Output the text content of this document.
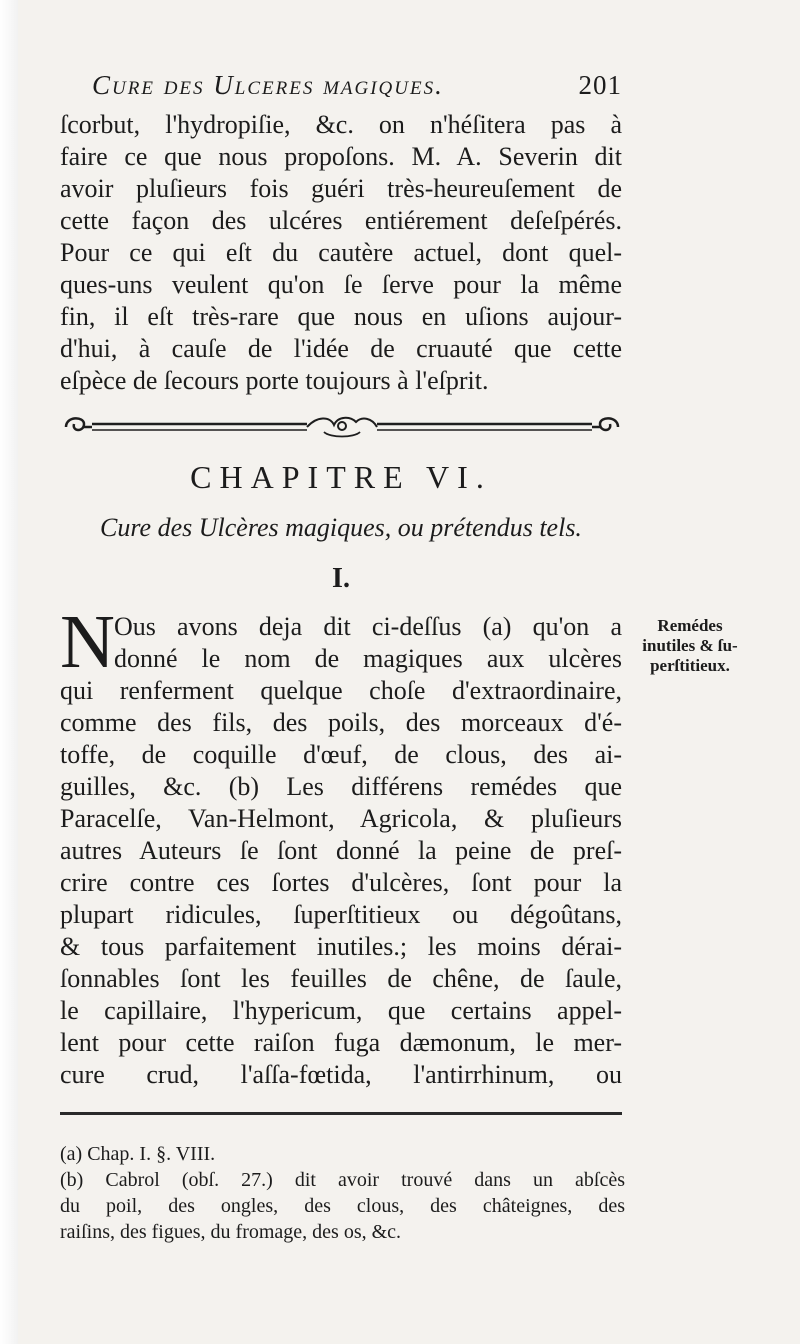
Cure des Ulceres magiques.	201
ſcorbut, l'hydropiſie, &c. on n'héſitera pas à
faire ce que nous propoſons. M. A. Severin dit
avoir pluſieurs fois guéri très-heureuſement de
cette façon des ulcéres entiérement deſeſpérés.
Pour ce qui eſt du cautère actuel, dont quel-
ques-uns veulent qu'on ſe ſerve pour la même
fin, il eſt très-rare que nous en uſions aujour-
d'hui, à cauſe de l'idée de cruauté que cette
eſpèce de ſecours porte toujours à l'eſprit.
CHAPITRE VI.
Cure des Ulcères magiques, ou prétendus tels.
I.
N Ous avons deja dit ci-deſſus (a) qu'on a
donné le nom de magiques aux ulcères
qui renferment quelque choſe d'extraordinaire,
comme des fils, des poils, des morceaux d'é-
toffe, de coquille d'œuf, de clous, des ai-
guilles, &c. (b) Les différens remédes que
Paracelſe, Van-Helmont, Agricola, & pluſieurs
autres Auteurs ſe ſont donné la peine de preſ-
crire contre ces ſortes d'ulcères, ſont pour la
plupart ridicules, ſuperſtitieux ou dégoûtans,
& tous parfaitement inutiles.; les moins dérai-
ſonnables ſont les feuilles de chêne, de ſaule,
le capillaire, l'hypericum, que certains appel-
lent pour cette raiſon fuga dæmonum, le mer-
cure crud, l'aſſa-fœtida, l'antirrhinum, ou
Remédes
inutiles & ſu-
perſtitieux.
(a) Chap. I. §. VIII.
(b) Cabrol (obſ. 27.) dit avoir trouvé dans un abſcès
du poil, des ongles, des clous, des châteignes, des
raiſins, des figues, du fromage, des os, &c.
